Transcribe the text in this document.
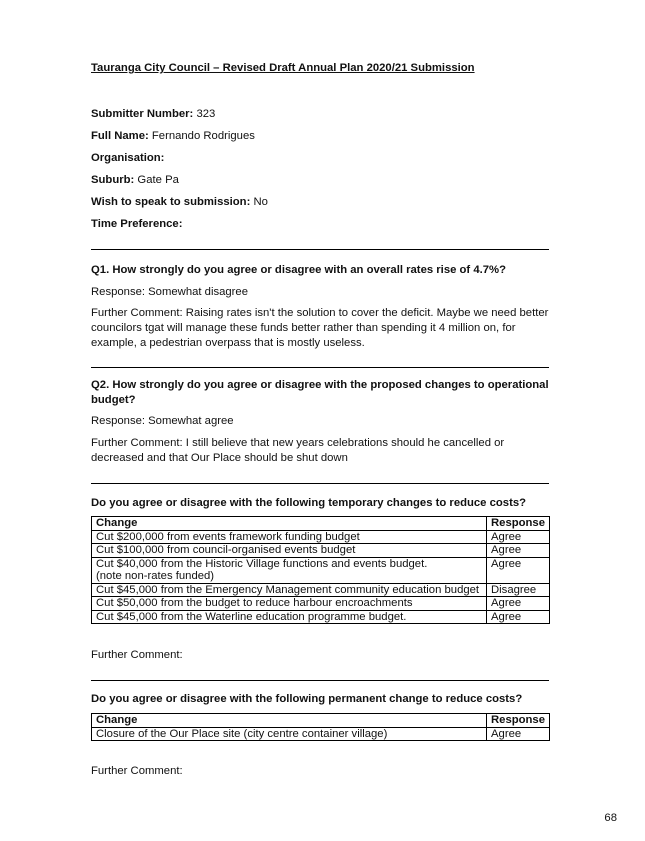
Tauranga City Council – Revised Draft Annual Plan 2020/21 Submission
Submitter Number: 323
Full Name: Fernando Rodrigues
Organisation:
Suburb: Gate Pa
Wish to speak to submission: No
Time Preference:
Q1. How strongly do you agree or disagree with an overall rates rise of 4.7%?
Response: Somewhat disagree
Further Comment: Raising rates isn't the solution to cover the deficit. Maybe we need better councilors tgat will manage these funds better rather than spending it 4 million on, for example, a pedestrian overpass that is mostly useless.
Q2. How strongly do you agree or disagree with the proposed changes to operational budget?
Response: Somewhat agree
Further Comment: I still believe that new years celebrations should he cancelled or decreased and that Our Place should be shut down
Do you agree or disagree with the following temporary changes to reduce costs?
Change	Response
Cut $200,000 from events framework funding budget	Agree
Cut $100,000 from council-organised events budget	Agree
Cut $40,000 from the Historic Village functions and events budget.
(note non-rates funded)	Agree
Cut $45,000 from the Emergency Management community education budget	Disagree
Cut $50,000 from the budget to reduce harbour encroachments	Agree
Cut $45,000 from the Waterline education programme budget.	Agree
Further Comment:
Do you agree or disagree with the following permanent change to reduce costs?
Change	Response
Closure of the Our Place site (city centre container village)	Agree
Further Comment:
68
